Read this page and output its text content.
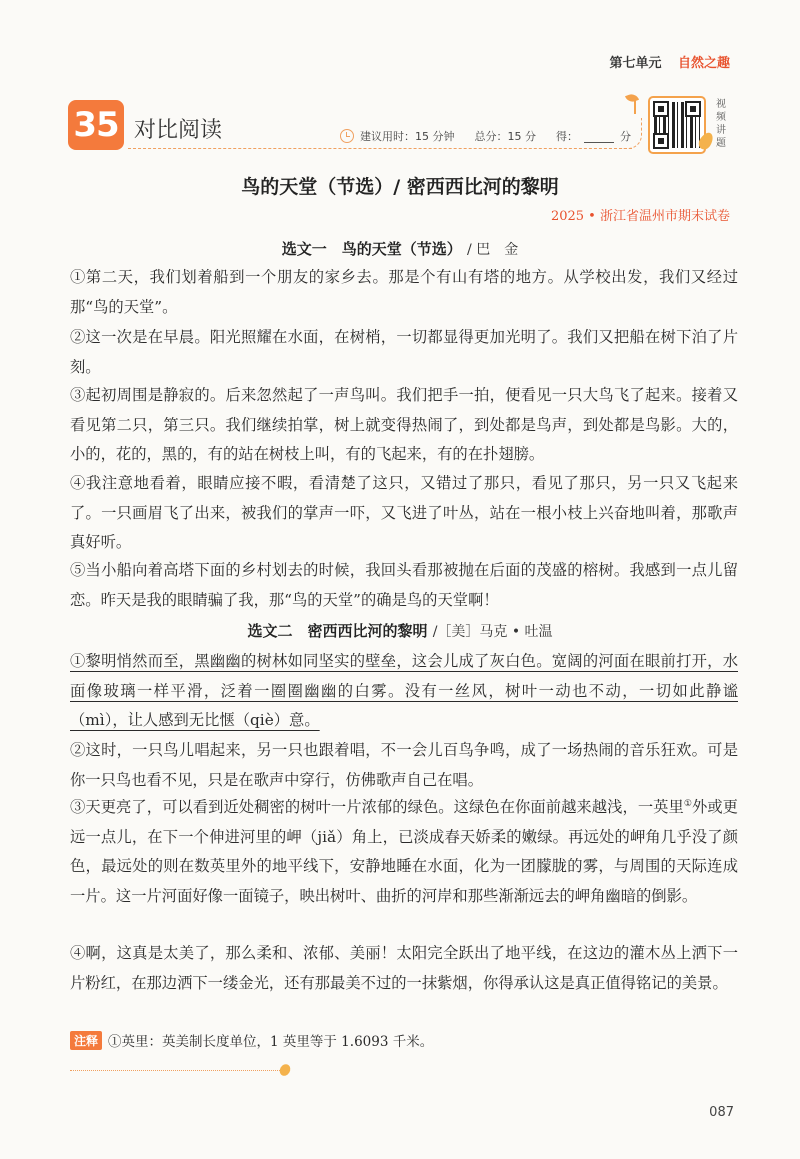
第七单元 自然之趣
35 对比阅读	建议用时：15 分钟 总分：15 分 得：	分
视频讲题
鸟的天堂（节选）/ 密西西比河的黎明
2025 • 浙江省温州市期末试卷
选文一　鸟的天堂（节选） / 巴　金
①第二天，我们划着船到一个朋友的家乡去。那是个有山有塔的地方。从学校出发，我们又经过那“鸟的天堂”。
②这一次是在早晨。阳光照耀在水面，在树梢，一切都显得更加光明了。我们又把船在树下泊了片刻。
③起初周围是静寂的。后来忽然起了一声鸟叫。我们把手一拍，便看见一只大鸟飞了起来。接着又看见第二只，第三只。我们继续拍掌，树上就变得热闹了，到处都是鸟声，到处都是鸟影。大的，小的，花的，黑的，有的站在树枝上叫，有的飞起来，有的在扑翅膀。
④我注意地看着，眼睛应接不暇，看清楚了这只，又错过了那只，看见了那只，另一只又飞起来了。一只画眉飞了出来，被我们的掌声一吓，又飞进了叶丛，站在一根小枝上兴奋地叫着，那歌声真好听。
⑤当小船向着高塔下面的乡村划去的时候，我回头看那被抛在后面的茂盛的榕树。我感到一点儿留恋。昨天是我的眼睛骗了我，那“鸟的天堂”的确是鸟的天堂啊！
选文二　密西西比河的黎明 /［美］马克 • 吐温
①黎明悄然而至，黑幽幽的树林如同坚实的壁垒，这会儿成了灰白色。宽阔的河面在眼前打开，水面像玻璃一样平滑，泛着一圈圈幽幽的白雾。没有一丝风，树叶一动也不动，一切如此静谧（mì），让人感到无比惬（qiè）意。
②这时，一只鸟儿唱起来，另一只也跟着唱，不一会儿百鸟争鸣，成了一场热闹的音乐狂欢。可是你一只鸟也看不见，只是在歌声中穿行，仿佛歌声自己在唱。
③天更亮了，可以看到近处稠密的树叶一片浓郁的绿色。这绿色在你面前越来越浅，一英里①外或更远一点儿，在下一个伸进河里的岬（jiǎ）角上，已淡成春天娇柔的嫩绿。再远处的岬角几乎没了颜色，最远处的则在数英里外的地平线下，安静地睡在水面，化为一团朦胧的雾，与周围的天际连成一片。这一片河面好像一面镜子，映出树叶、曲折的河岸和那些渐渐远去的岬角幽暗的倒影。
④啊，这真是太美了，那么柔和、浓郁、美丽！太阳完全跃出了地平线，在这边的灌木丛上洒下一片粉红，在那边洒下一缕金光，还有那最美不过的一抹紫烟，你得承认这是真正值得铭记的美景。
注释 ①英里：英美制长度单位，1 英里等于 1.6093 千米。
087
